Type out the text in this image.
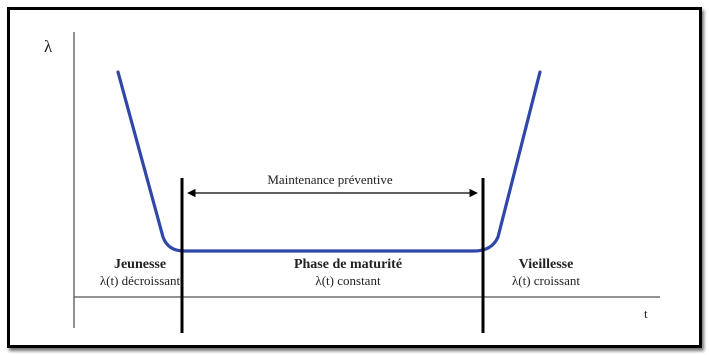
λ
t
Maintenance préventive
Jeunesse
λ(t) décroissant
Phase de maturité
λ(t) constant
Vieillesse
λ(t) croissant
